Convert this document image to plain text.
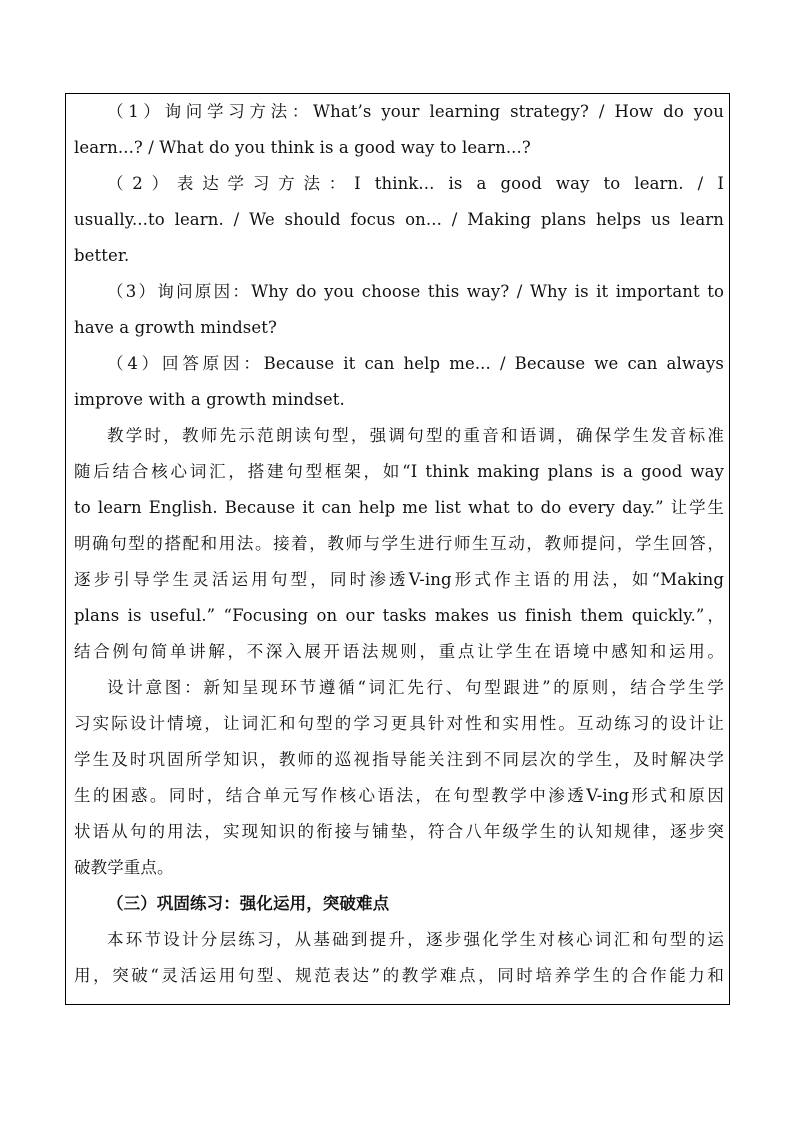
（1）询问学习方法：What’s your learning strategy? / How do you
learn...? / What do you think is a good way to learn...?
（2）表达学习方法：I think... is a good way to learn. / I
usually...to learn. / We should focus on... / Making plans helps us learn
better.
（3）询问原因：Why do you choose this way? / Why is it important to
have a growth mindset?
（4）回答原因：Because it can help me... / Because we can always
improve with a growth mindset.
教学时，教师先示范朗读句型，强调句型的重音和语调，确保学生发音标准
随后结合核心词汇，搭建句型框架，如“I think making plans is a good way
to learn English. Because it can help me list what to do every day.” 让学生
明确句型的搭配和用法。接着，教师与学生进行师生互动，教师提问，学生回答，
逐步引导学生灵活运用句型，同时渗透V-ing形式作主语的用法，如“Making
plans is useful.” “Focusing on our tasks makes us finish them quickly.”，
结合例句简单讲解，不深入展开语法规则，重点让学生在语境中感知和运用。
设计意图：新知呈现环节遵循“词汇先行、句型跟进”的原则，结合学生学
习实际设计情境，让词汇和句型的学习更具针对性和实用性。互动练习的设计让
学生及时巩固所学知识，教师的巡视指导能关注到不同层次的学生，及时解决学
生的困惑。同时，结合单元写作核心语法，在句型教学中渗透V-ing形式和原因
状语从句的用法，实现知识的衔接与铺垫，符合八年级学生的认知规律，逐步突
破教学重点。
（三）巩固练习：强化运用，突破难点
本环节设计分层练习，从基础到提升，逐步强化学生对核心词汇和句型的运
用，突破“灵活运用句型、规范表达”的教学难点，同时培养学生的合作能力和
